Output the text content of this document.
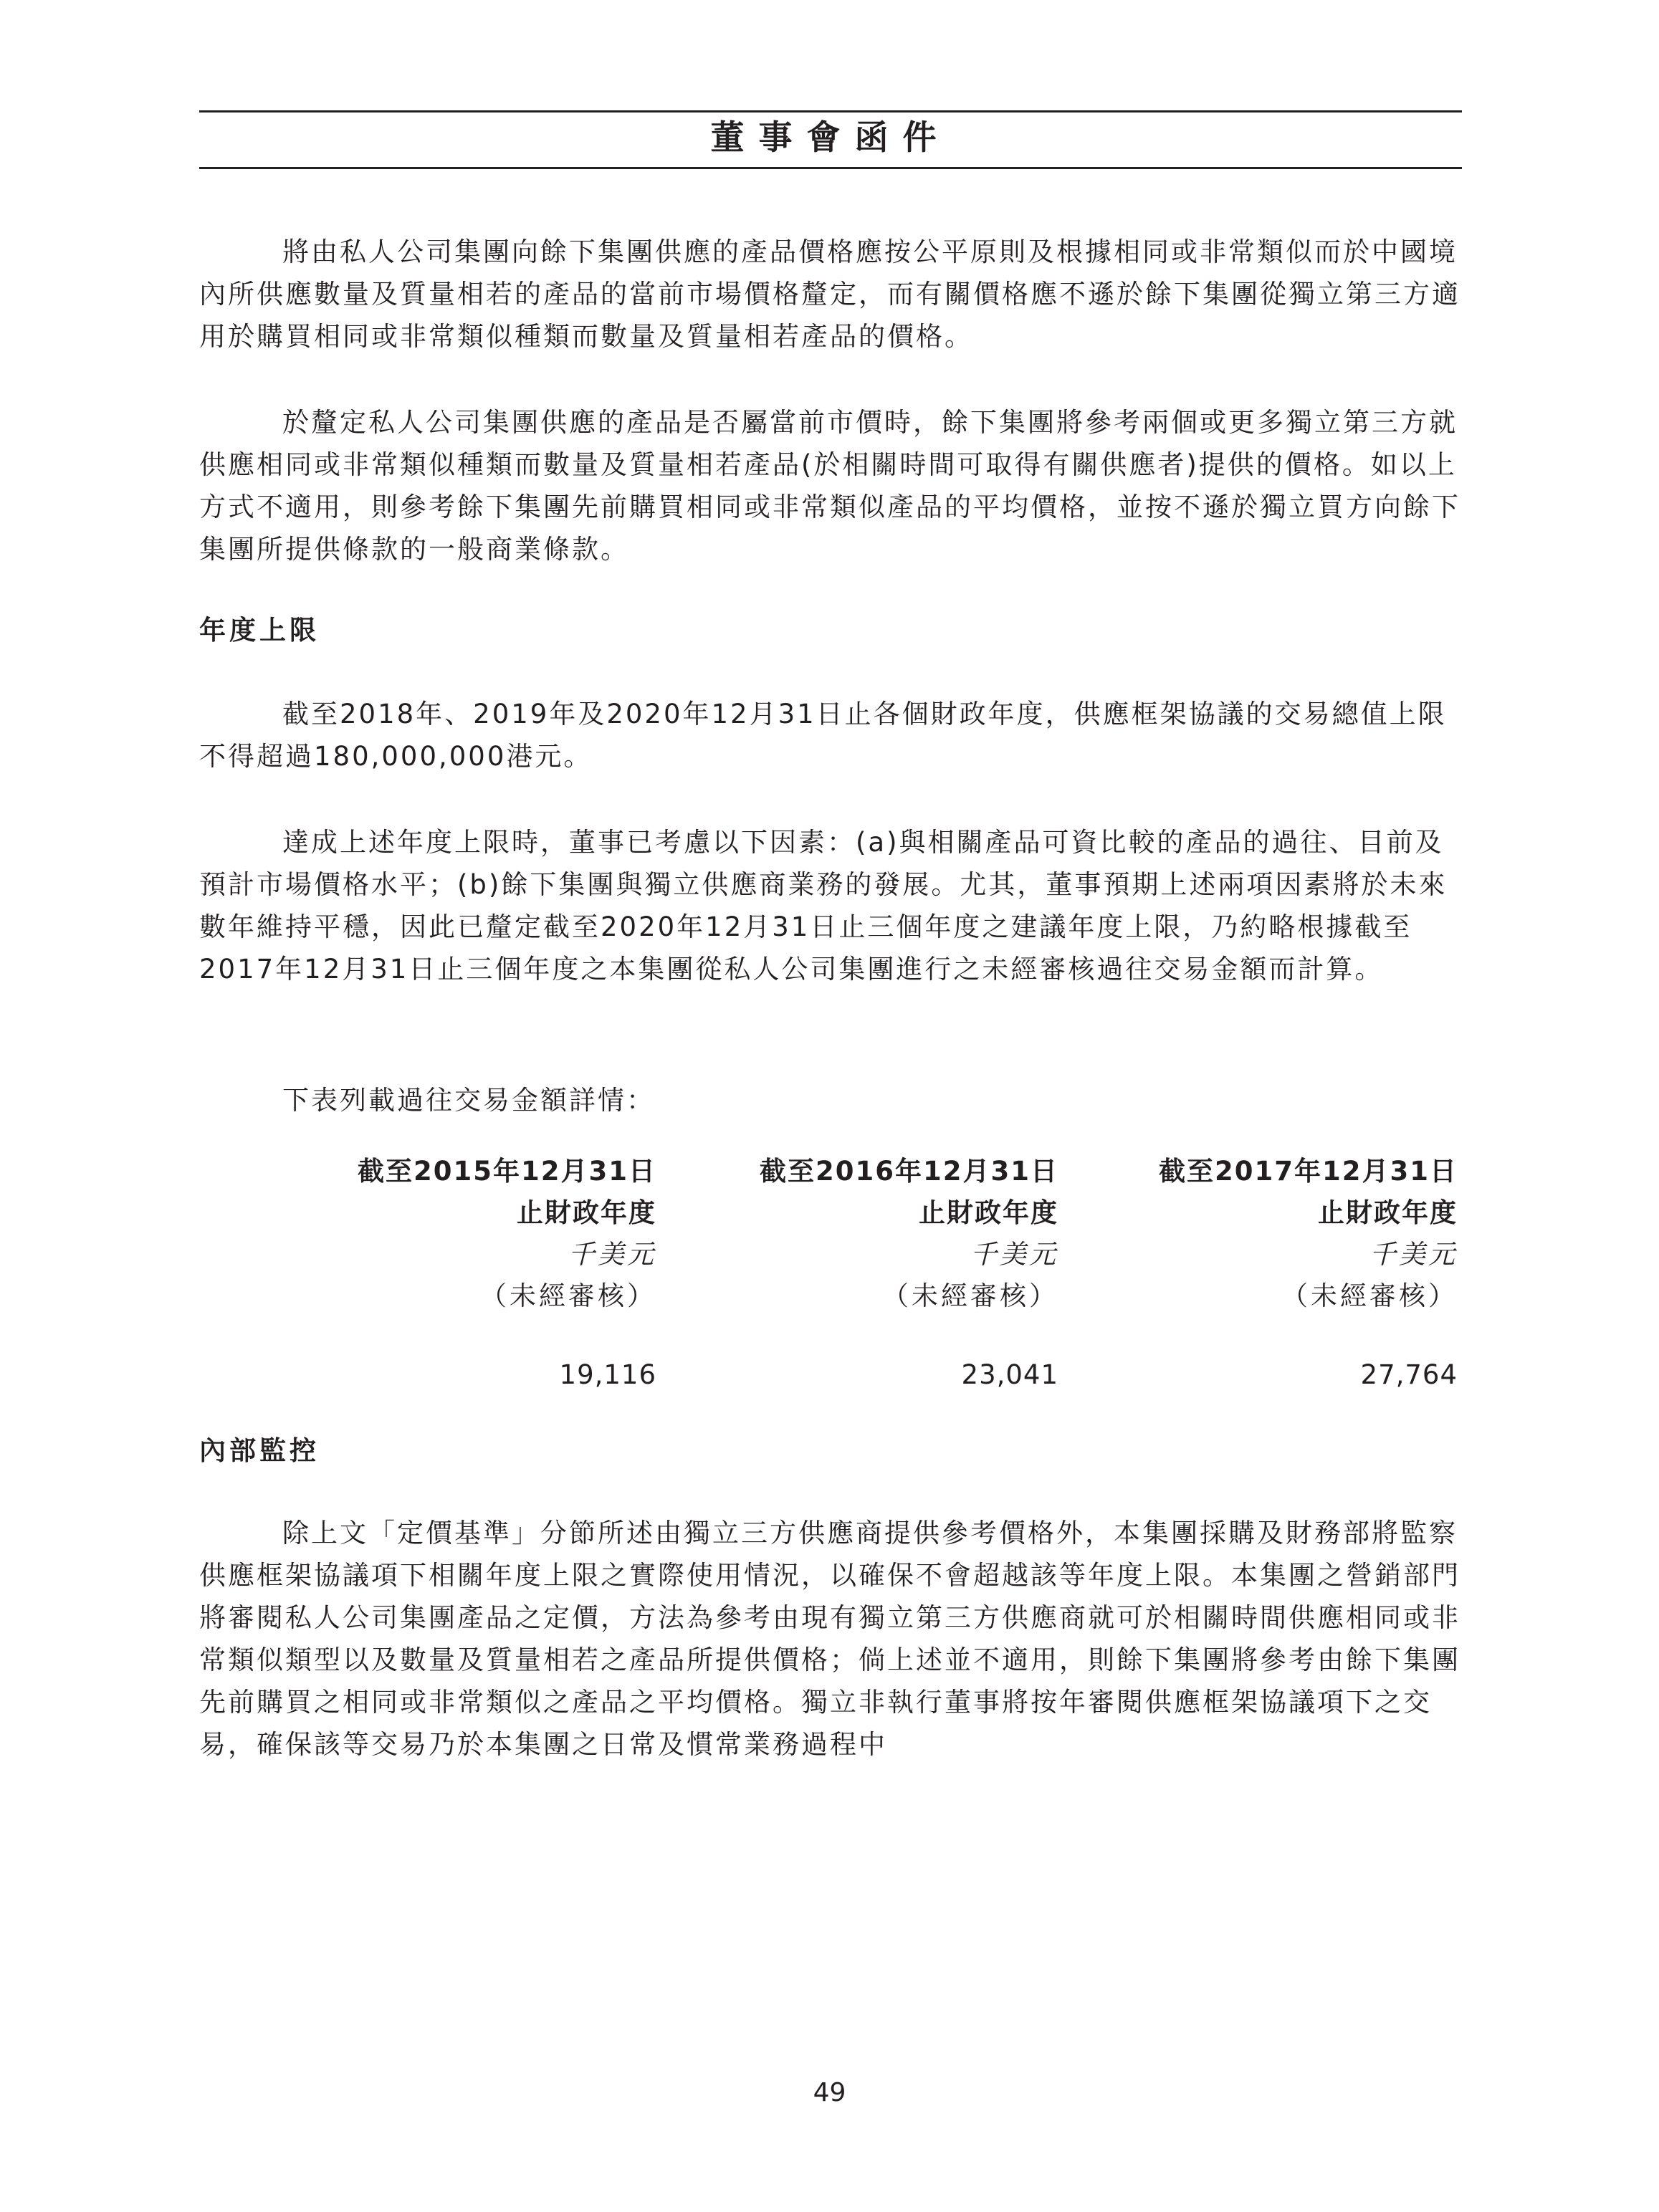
董事會函件

將由私人公司集團向餘下集團供應的產品價格應按公平原則及根據相同或非常類似而於中國境內所供應數量及質量相若的產品的當前市場價格釐定，而有關價格應不遜於餘下集團從獨立第三方適用於購買相同或非常類似種類而數量及質量相若產品的價格。

於釐定私人公司集團供應的產品是否屬當前市價時，餘下集團將參考兩個或更多獨立第三方就供應相同或非常類似種類而數量及質量相若產品(於相關時間可取得有關供應者)提供的價格。如以上方式不適用，則參考餘下集團先前購買相同或非常類似產品的平均價格，並按不遜於獨立買方向餘下集團所提供條款的一般商業條款。

年度上限

截至2018年、2019年及2020年12月31日止各個財政年度，供應框架協議的交易總值上限不得超過180,000,000港元。

達成上述年度上限時，董事已考慮以下因素：(a)與相關產品可資比較的產品的過往、目前及預計市場價格水平；(b)餘下集團與獨立供應商業務的發展。尤其，董事預期上述兩項因素將於未來數年維持平穩，因此已釐定截至2020年12月31日止三個年度之建議年度上限，乃約略根據截至2017年12月31日止三個年度之本集團從私人公司集團進行之未經審核過往交易金額而計算。

下表列載過往交易金額詳情：

截至2015年12月31日
止財政年度
千美元
（未經審核）
19,116
截至2016年12月31日
止財政年度
千美元
（未經審核）
23,041
截至2017年12月31日
止財政年度
千美元
（未經審核）
27,764
內部監控

除上文「定價基準」分節所述由獨立三方供應商提供參考價格外，本集團採購及財務部將監察供應框架協議項下相關年度上限之實際使用情況，以確保不會超越該等年度上限。本集團之營銷部門將審閱私人公司集團產品之定價，方法為參考由現有獨立第三方供應商就可於相關時間供應相同或非常類似類型以及數量及質量相若之產品所提供價格；倘上述並不適用，則餘下集團將參考由餘下集團先前購買之相同或非常類似之產品之平均價格。獨立非執行董事將按年審閱供應框架協議項下之交易，確保該等交易乃於本集團之日常及慣常業務過程中

49
